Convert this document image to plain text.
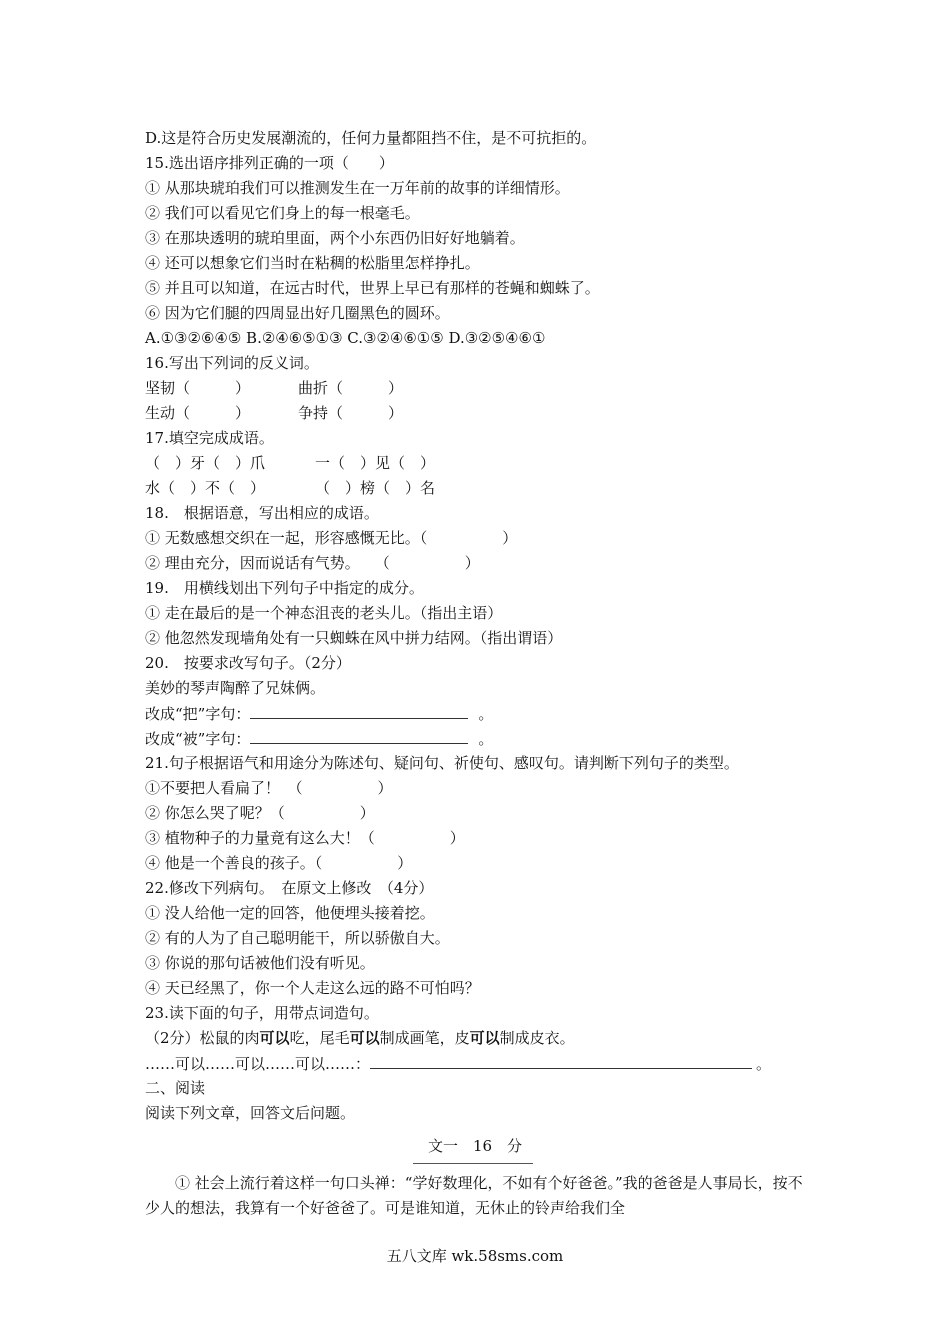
D.这是符合历史发展潮流的，任何力量都阻挡不住，是不可抗拒的。
15.选出语序排列正确的一项（　　）
① 从那块琥珀我们可以推测发生在一万年前的故事的详细情形。
② 我们可以看见它们身上的每一根毫毛。
③ 在那块透明的琥珀里面，两个小东西仍旧好好地躺着。
④ 还可以想象它们当时在粘稠的松脂里怎样挣扎。
⑤ 并且可以知道，在远古时代，世界上早已有那样的苍蝇和蜘蛛了。
⑥ 因为它们腿的四周显出好几圈黑色的圆环。
A.①③②⑥④⑤ B.②④⑥⑤①③ C.③②④⑥①⑤ D.③②⑤④⑥①
16.写出下列词的反义词。
坚韧（　　　）	曲折（　　　）
生动（　　　）	争持（　　　）
17.填空完成成语。
（　）牙（　）爪	一（　）见（　）
水（　）不（　）	（　）榜（　）名
18.　根据语意，写出相应的成语。
① 无数感想交织在一起，形容感慨无比。（　　　　　）
② 理由充分，因而说话有气势。　　（　　　　　）
19.　用横线划出下列句子中指定的成分。
① 走在最后的是一个神态沮丧的老头儿。（指出主语）
② 他忽然发现墙角处有一只蜘蛛在风中拼力结网。（指出谓语）
20.　按要求改写句子。（2分）
美妙的琴声陶醉了兄妹俩。
改成“把”字句：	。
改成“被”字句：	。
21.句子根据语气和用途分为陈述句、疑问句、祈使句、感叹句。请判断下列句子的类型。
①不要把人看扁了！　（　　　　　）
② 你怎么哭了呢？（　　　　　）
③ 植物种子的力量竟有这么大！（　　　　　）
④ 他是一个善良的孩子。（　　　　　）
22.修改下列病句。　在原文上修改　（4分）
① 没人给他一定的回答，他便埋头接着挖。
② 有的人为了自己聪明能干，所以骄傲自大。
③ 你说的那句话被他们没有听见。
④ 天已经黑了，你一个人走这么远的路不可怕吗？
23.读下面的句子，用带点词造句。
（2分）松鼠的肉可以吃，尾毛可以制成画笔，皮可以制成皮衣。
……可以……可以……可以……：	。
二、阅读
阅读下列文章，回答文后问题。
文一　16　分
① 社会上流行着这样一句口头禅：“学好数理化，不如有个好爸爸。”我的爸爸是人事局长，按不少人的想法，我算有一个好爸爸了。可是谁知道，无休止的铃声给我们全
五八文库 wk.58sms.com
